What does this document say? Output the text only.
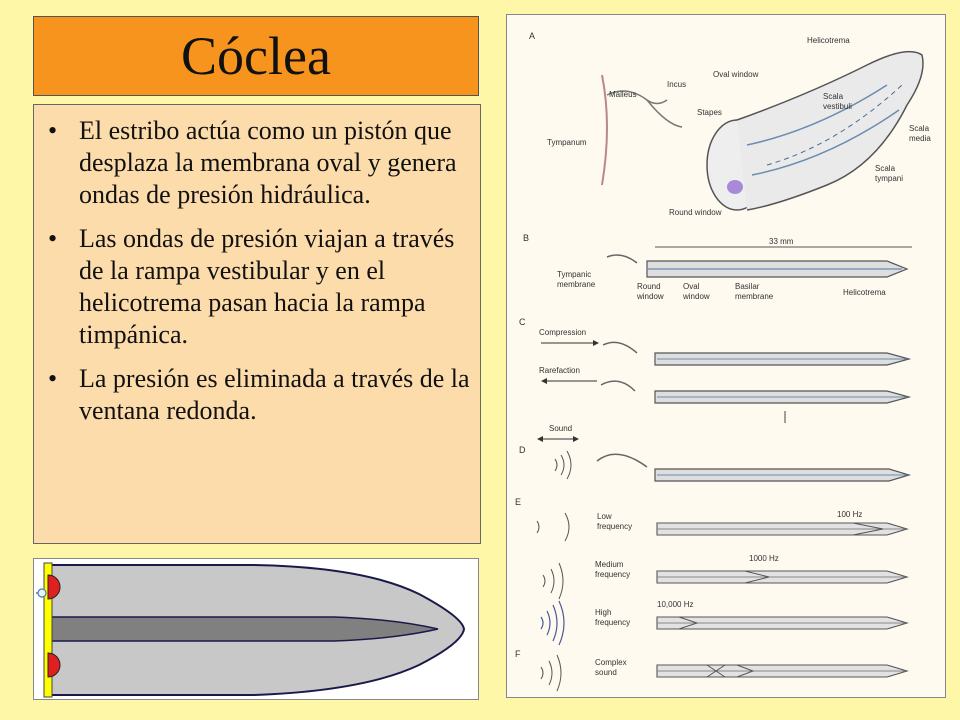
Cóclea
• El estribo actúa como un pistón que desplaza la membrana oval y genera ondas de presión hidráulica.
• Las ondas de presión viajan a través de la rampa vestibular y en el helicotrema pasan hacia la rampa timpánica.
• La presión es eliminada a través de la ventana redonda.
A	Helicotrema
Malleus
Incus
Oval window
Stapes
Scala
vestibuli
Scala
media
Scala
tympani
Tympanum
Round window
B	33 mm
Tympanic
membrane	Round
window
Oval
window
Basilar
membrane	Helicotrema
C
Compression
Rarefaction
D
Sound
E
Low
frequency
100 Hz
Medium
frequency
1000 Hz
High
frequency
10,000 Hz
F
Complex
sound
